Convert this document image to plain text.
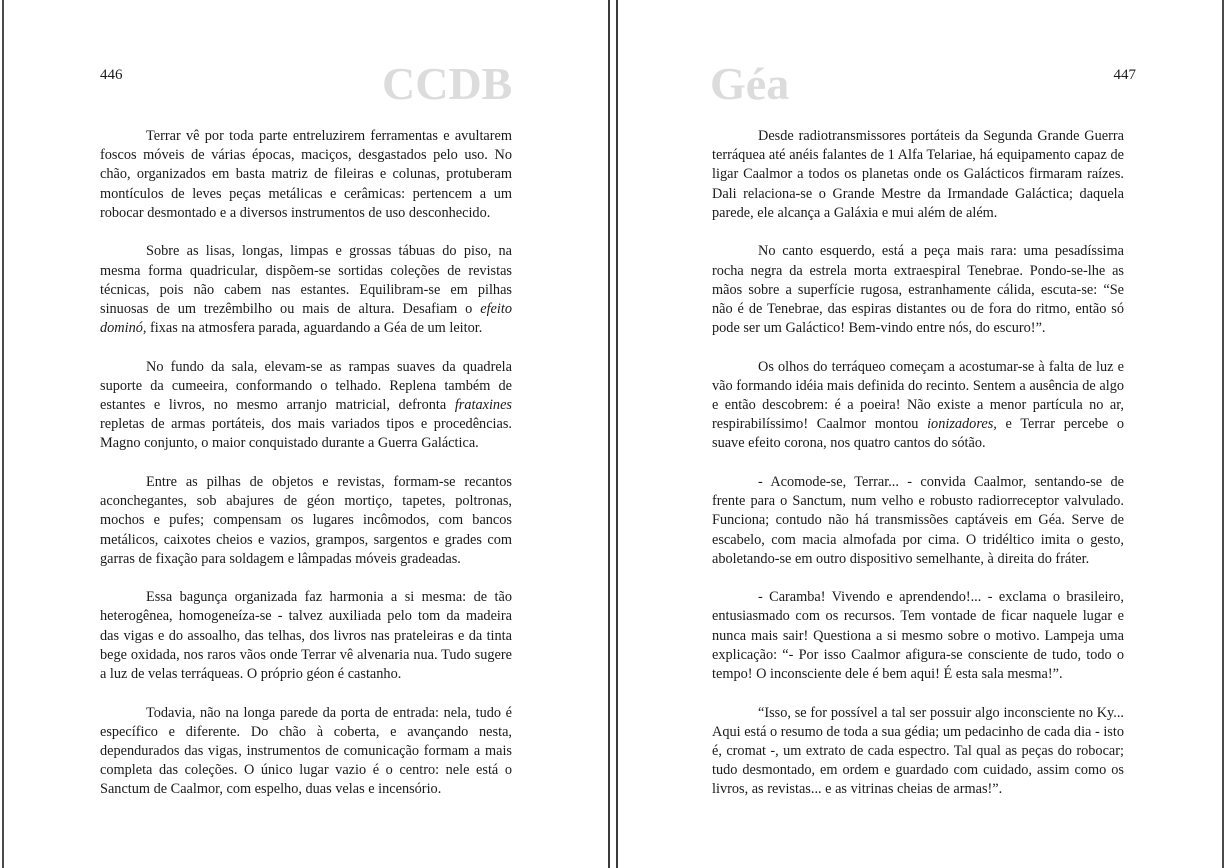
446	CCDB

Terrar vê por toda parte entreluzirem ferramentas e avultarem foscos móveis de várias épocas, maciços, desgastados pelo uso. No chão, organizados em basta matriz de fileiras e colunas, protuberam montículos de leves peças metálicas e cerâmicas: pertencem a um robocar desmontado e a diversos instrumentos de uso desconhecido.

Sobre as lisas, longas, limpas e grossas tábuas do piso, na mesma forma quadricular, dispõem-se sortidas coleções de revistas técnicas, pois não cabem nas estantes. Equilibram-se em pilhas sinuosas de um trezêmbilho ou mais de altura. Desafiam o efeito dominó, fixas na atmosfera parada, aguardando a Géa de um leitor.

No fundo da sala, elevam-se as rampas suaves da quadrela suporte da cumeeira, conformando o telhado. Replena também de estantes e livros, no mesmo arranjo matricial, defronta frataxines repletas de armas portáteis, dos mais variados tipos e procedências. Magno conjunto, o maior conquistado durante a Guerra Galáctica.

Entre as pilhas de objetos e revistas, formam-se recantos aconchegantes, sob abajures de géon mortiço, tapetes, poltronas, mochos e pufes; compensam os lugares incômodos, com bancos metálicos, caixotes cheios e vazios, grampos, sargentos e grades com garras de fixação para soldagem e lâmpadas móveis gradeadas.

Essa bagunça organizada faz harmonia a si mesma: de tão heterogênea, homogeneíza-se - talvez auxiliada pelo tom da madeira das vigas e do assoalho, das telhas, dos livros nas prateleiras e da tinta bege oxidada, nos raros vãos onde Terrar vê alvenaria nua. Tudo sugere a luz de velas terráqueas. O próprio géon é castanho.

Todavia, não na longa parede da porta de entrada: nela, tudo é específico e diferente. Do chão à coberta, e avançando nesta, dependurados das vigas, instrumentos de comunicação formam a mais completa das coleções. O único lugar vazio é o centro: nele está o Sanctum de Caalmor, com espelho, duas velas e incensório.

447
Géa

Desde radiotransmissores portáteis da Segunda Grande Guerra terráquea até anéis falantes de 1 Alfa Telariae, há equipamento capaz de ligar Caalmor a todos os planetas onde os Galácticos firmaram raízes. Dali relaciona-se o Grande Mestre da Irmandade Galáctica; daquela parede, ele alcança a Galáxia e mui além de além.

No canto esquerdo, está a peça mais rara: uma pesadíssima rocha negra da estrela morta extraespiral Tenebrae. Pondo-se-lhe as mãos sobre a superfície rugosa, estranhamente cálida, escuta-se: “Se não é de Tenebrae, das espiras distantes ou de fora do ritmo, então só pode ser um Galáctico! Bem-vindo entre nós, do escuro!”.

Os olhos do terráqueo começam a acostumar-se à falta de luz e vão formando idéia mais definida do recinto. Sentem a ausência de algo e então descobrem: é a poeira! Não existe a menor partícula no ar, respirabilíssimo! Caalmor montou ionizadores, e Terrar percebe o suave efeito corona, nos quatro cantos do sótão.

- Acomode-se, Terrar... - convida Caalmor, sentando-se de frente para o Sanctum, num velho e robusto radiorreceptor valvulado. Funciona; contudo não há transmissões captáveis em Géa. Serve de escabelo, com macia almofada por cima. O tridéltico imita o gesto, aboletando-se em outro dispositivo semelhante, à direita do fráter.

- Caramba! Vivendo e aprendendo!... - exclama o brasileiro, entusiasmado com os recursos. Tem vontade de ficar naquele lugar e nunca mais sair! Questiona a si mesmo sobre o motivo. Lampeja uma explicação: “- Por isso Caalmor afigura-se consciente de tudo, todo o tempo! O inconsciente dele é bem aqui! É esta sala mesma!”.

“Isso, se for possível a tal ser possuir algo inconsciente no Ky... Aqui está o resumo de toda a sua gédia; um pedacinho de cada dia - isto é, cromat -, um extrato de cada espectro. Tal qual as peças do robocar; tudo desmontado, em ordem e guardado com cuidado, assim como os livros, as revistas... e as vitrinas cheias de armas!”.
